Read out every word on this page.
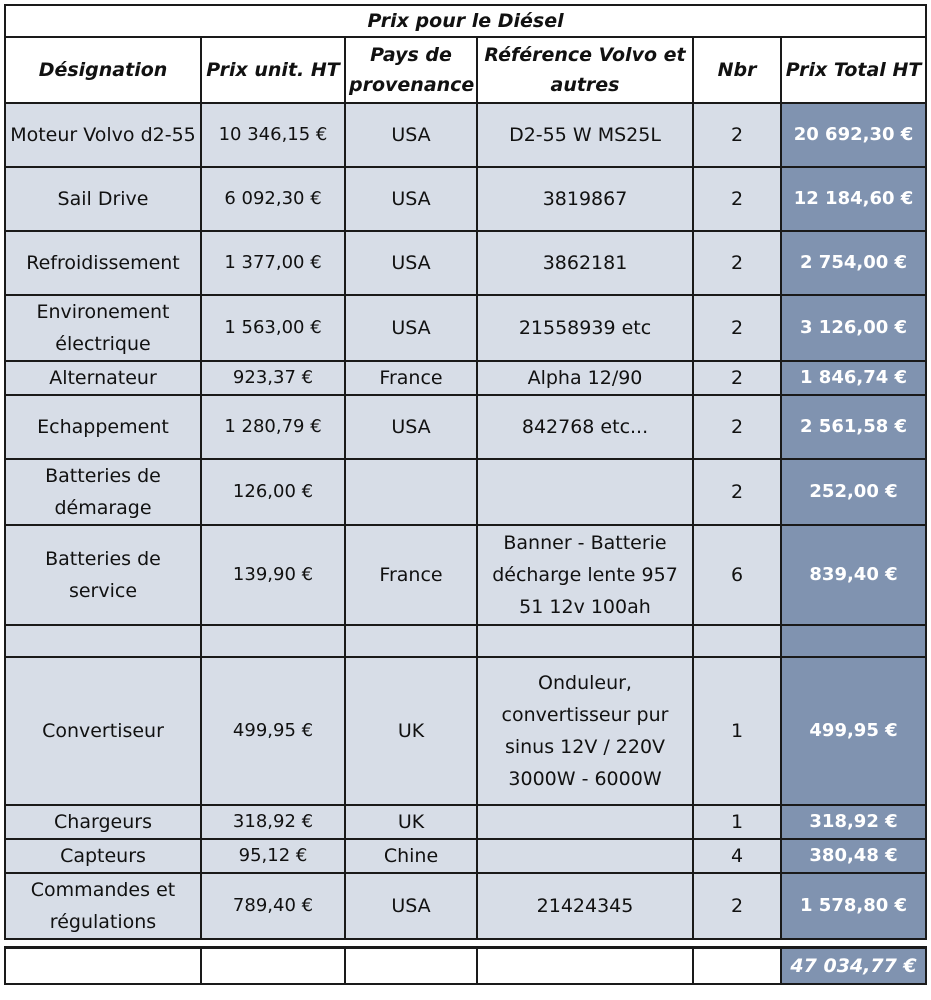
Prix pour le Diésel					
Désignation	Prix unit. HT	Pays de provenance	Référence Volvo et autres	Nbr	Prix Total HT
Moteur Volvo d2-55	10 346,15 €	USA	D2-55 W MS25L	2	20 692,30 €
Sail Drive	6 092,30 €	USA	3819867	2	12 184,60 €
Refroidissement	1 377,00 €	USA	3862181	2	2 754,00 €
Environement électrique	1 563,00 €	USA	21558939 etc	2	3 126,00 €
Alternateur	923,37 €	France	Alpha 12/90	2	1 846,74 €
Echappement	1 280,79 €	USA	842768 etc...	2	2 561,58 €
Batteries de démarage	126,00 €			2	252,00 €
Batteries de service	139,90 €	France	Banner - Batterie décharge lente 957 51 12v 100ah	6	839,40 €

Convertiseur	499,95 €	UK	Onduleur, convertisseur pur sinus 12V / 220V 3000W - 6000W	1	499,95 €
Chargeurs	318,92 €	UK		1	318,92 €
Capteurs	95,12 €	Chine		4	380,48 €
Commandes et régulations	789,40 €	USA	21424345	2	1 578,80 €

					47 034,77 €
